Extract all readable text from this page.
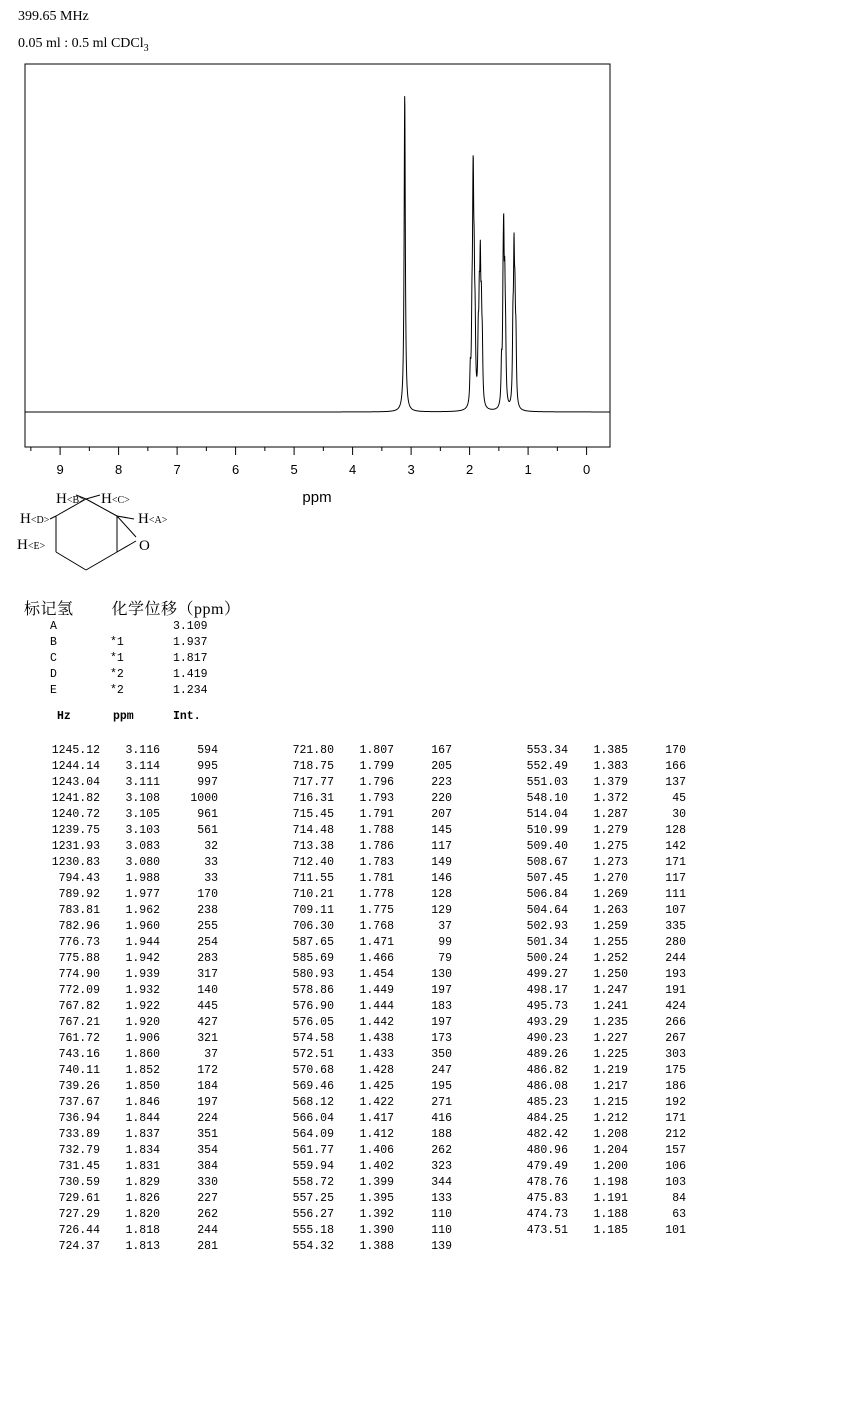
399.65 MHz
0.05 ml : 0.5 ml CDCl$_3$
9	8	7	6	5	4	3	2	1	0
ppm
H<B> H<C>
H<D>	H<A>
H<E>	O
标记氢 化学位移（ppm）
A		3.109
B	*1	1.937
C	*1	1.817
D	*2	1.419
E	*2	1.234
Hz	ppm	Int.
1245.12	3.116	594
1244.14	3.114	995
1243.04	3.111	997
1241.82	3.108	1000
1240.72	3.105	961
1239.75	3.103	561
1231.93	3.083	32
1230.83	3.080	33
794.43	1.988	33
789.92	1.977	170
783.81	1.962	238
782.96	1.960	255
776.73	1.944	254
775.88	1.942	283
774.90	1.939	317
772.09	1.932	140
767.82	1.922	445
767.21	1.920	427
761.72	1.906	321
743.16	1.860	37
740.11	1.852	172
739.26	1.850	184
737.67	1.846	197
736.94	1.844	224
733.89	1.837	351
732.79	1.834	354
731.45	1.831	384
730.59	1.829	330
729.61	1.826	227
727.29	1.820	262
726.44	1.818	244
724.37	1.813	281
721.80	1.807	167
718.75	1.799	205
717.77	1.796	223
716.31	1.793	220
715.45	1.791	207
714.48	1.788	145
713.38	1.786	117
712.40	1.783	149
711.55	1.781	146
710.21	1.778	128
709.11	1.775	129
706.30	1.768	37
587.65	1.471	99
585.69	1.466	79
580.93	1.454	130
578.86	1.449	197
576.90	1.444	183
576.05	1.442	197
574.58	1.438	173
572.51	1.433	350
570.68	1.428	247
569.46	1.425	195
568.12	1.422	271
566.04	1.417	416
564.09	1.412	188
561.77	1.406	262
559.94	1.402	323
558.72	1.399	344
557.25	1.395	133
556.27	1.392	110
555.18	1.390	110
554.32	1.388	139
553.34	1.385	170
552.49	1.383	166
551.03	1.379	137
548.10	1.372	45
514.04	1.287	30
510.99	1.279	128
509.40	1.275	142
508.67	1.273	171
507.45	1.270	117
506.84	1.269	111
504.64	1.263	107
502.93	1.259	335
501.34	1.255	280
500.24	1.252	244
499.27	1.250	193
498.17	1.247	191
495.73	1.241	424
493.29	1.235	266
490.23	1.227	267
489.26	1.225	303
486.82	1.219	175
486.08	1.217	186
485.23	1.215	192
484.25	1.212	171
482.42	1.208	212
480.96	1.204	157
479.49	1.200	106
478.76	1.198	103
475.83	1.191	84
474.73	1.188	63
473.51	1.185	101
